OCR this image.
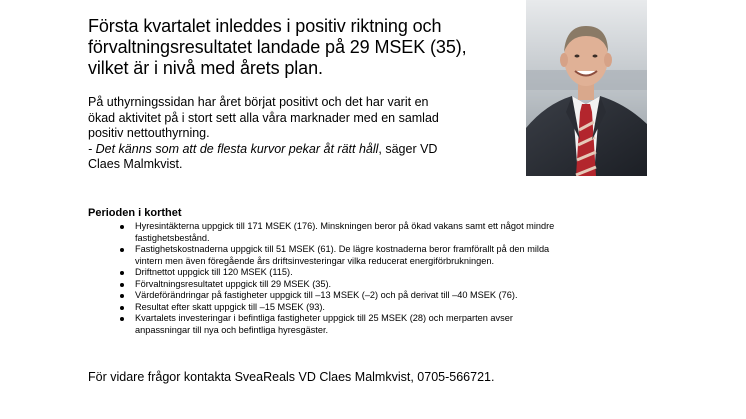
Första kvartalet inleddes i positiv riktning och
förvaltningsresultatet landade på 29 MSEK (35),
vilket är i nivå med årets plan.
På uthyrningssidan har året börjat positivt och det har varit en
ökad aktivitet på i stort sett alla våra marknader med en samlad
positiv nettouthyrning.
- Det känns som att de flesta kurvor pekar åt rätt håll, säger VD
Claes Malmkvist.
Perioden i korthet
Hyresintäkterna uppgick till 171 MSEK (176). Minskningen beror på ökad vakans samt ett något mindre
fastighetsbestånd.
Fastighetskostnaderna uppgick till 51 MSEK (61). De lägre kostnaderna beror framförallt på den milda
vintern men även föregående års driftsinvesteringar vilka reducerat energiförbrukningen.
Driftnettot uppgick till 120 MSEK (115).
Förvaltningsresultatet uppgick till 29 MSEK (35).
Värdeförändringar på fastigheter uppgick till –13 MSEK (–2) och på derivat till –40 MSEK (76).
Resultat efter skatt uppgick till –15 MSEK (93).
Kvartalets investeringar i befintliga fastigheter uppgick till 25 MSEK (28) och merparten avser
anpassningar till nya och befintliga hyresgäster.
För vidare frågor kontakta SveaReals VD Claes Malmkvist, 0705-566721.
